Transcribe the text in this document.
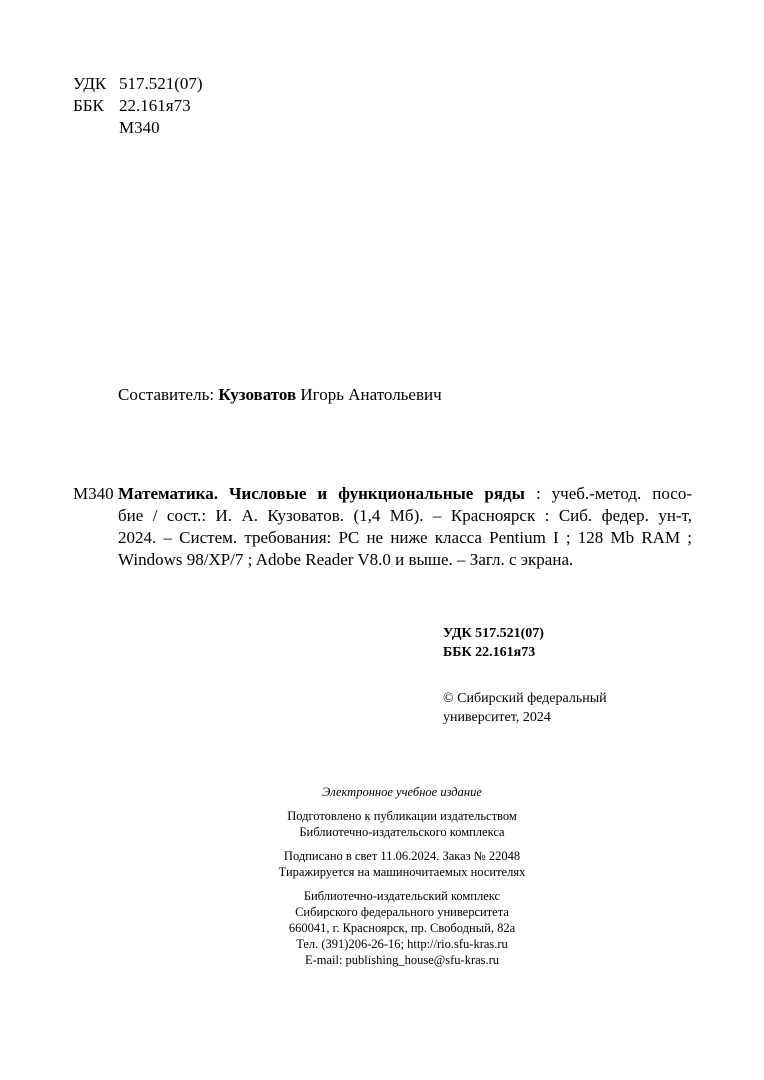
УДК 517.521(07)
ББК 22.161я73
М340
Составитель: Кузоватов Игорь Анатольевич
М340 Математика. Числовые и функциональные ряды : учеб.-метод. посо-
бие / сост.: И. А. Кузоватов. (1,4 Мб). – Красноярск : Сиб. федер. ун-т,
2024. – Систем. требования: PC не ниже класса Pentium I ; 128 Mb RAM ;
Windows 98/XP/7 ; Adobe Reader V8.0 и выше. – Загл. с экрана.
УДК 517.521(07)
ББК 22.161я73
© Сибирский федеральный
университет, 2024
Электронное учебное издание
Подготовлено к публикации издательством
Библиотечно-издательского комплекса
Подписано в свет 11.06.2024. Заказ № 22048
Тиражируется на машиночитаемых носителях
Библиотечно-издательский комплекс
Сибирского федерального университета
660041, г. Красноярск, пр. Свободный, 82а
Тел. (391)206-26-16; http://rio.sfu-kras.ru
E-mail: publishing_house@sfu-kras.ru
